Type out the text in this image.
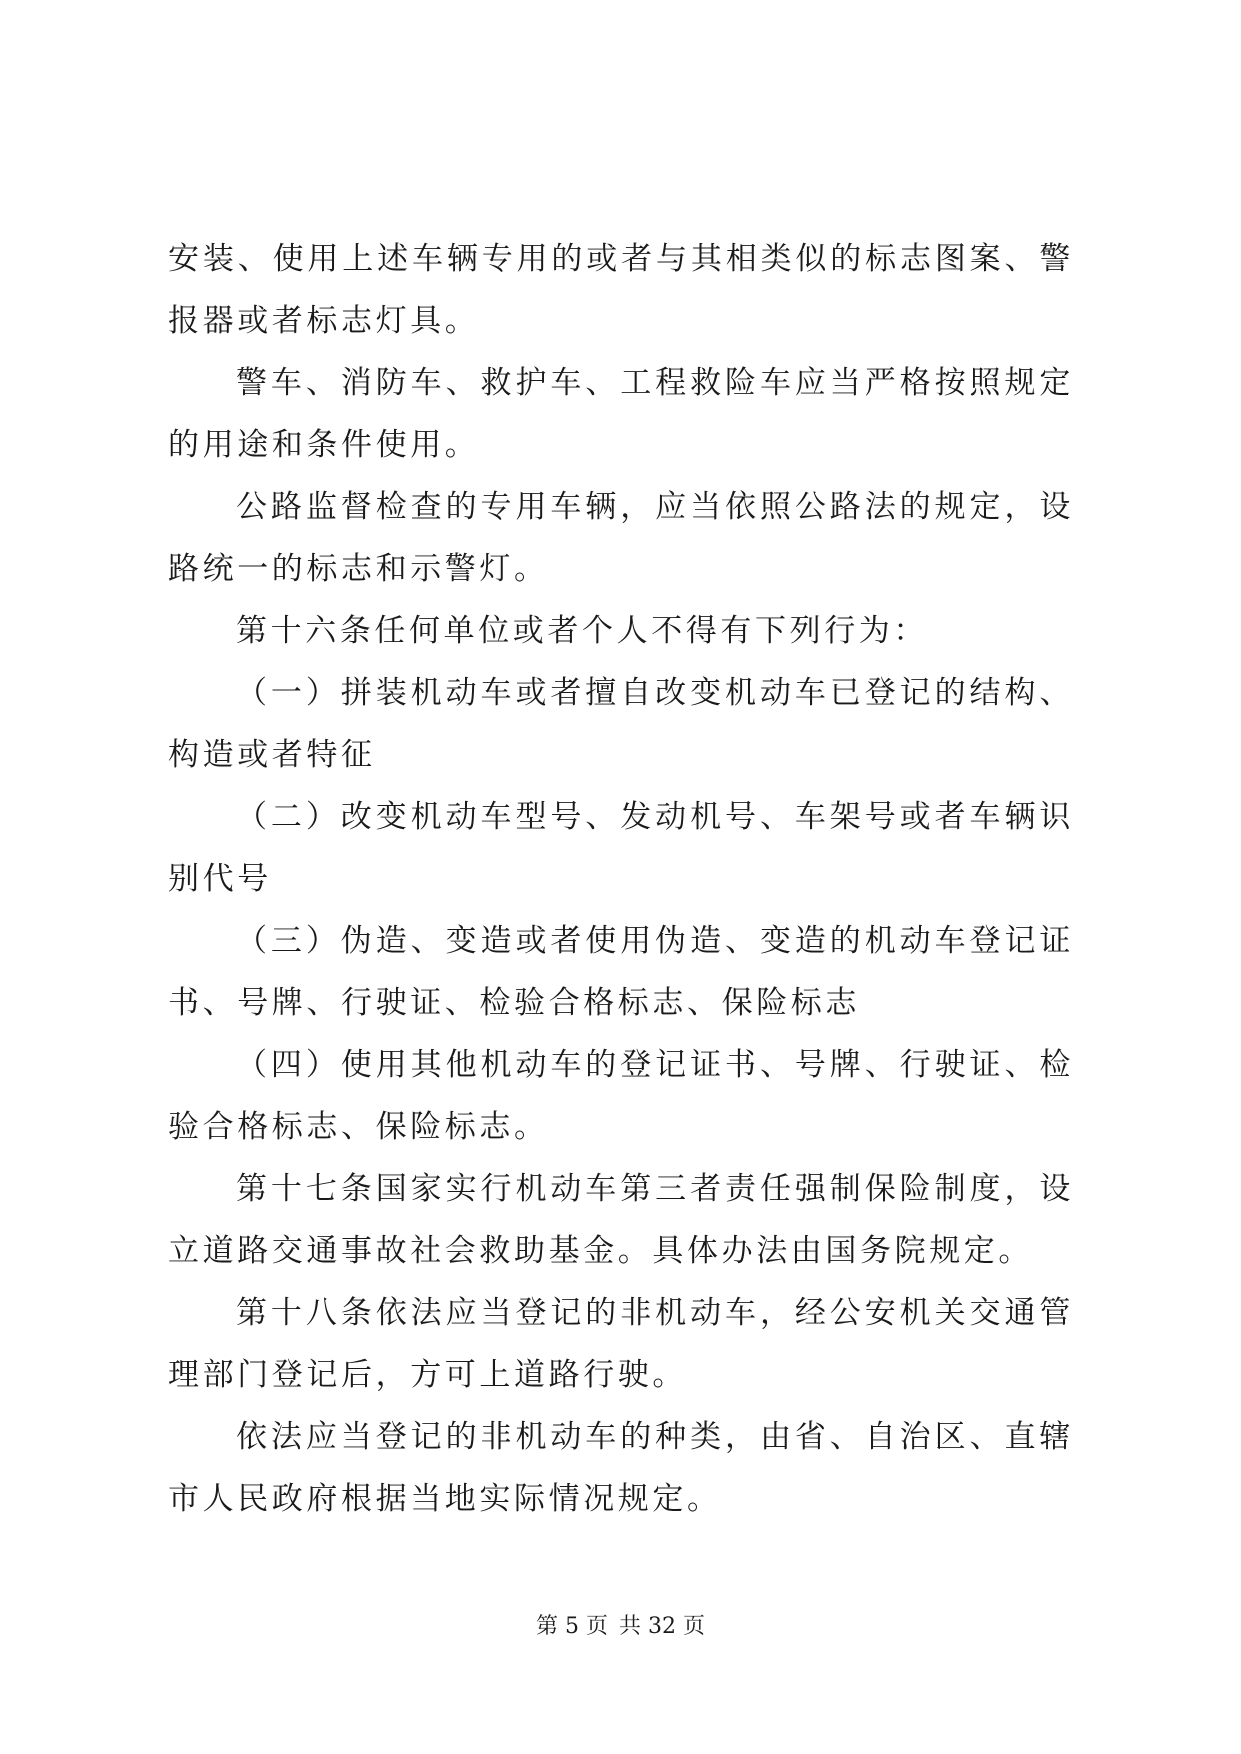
安装、使用上述车辆专用的或者与其相类似的标志图案、警报器或者标志灯具。

警车、消防车、救护车、工程救险车应当严格按照规定的用途和条件使用。

公路监督检查的专用车辆，应当依照公路法的规定，设路统一的标志和示警灯。

第十六条任何单位或者个人不得有下列行为：

（一）拼装机动车或者擅自改变机动车已登记的结构、构造或者特征

（二）改变机动车型号、发动机号、车架号或者车辆识别代号

（三）伪造、变造或者使用伪造、变造的机动车登记证书、号牌、行驶证、检验合格标志、保险标志

（四）使用其他机动车的登记证书、号牌、行驶证、检验合格标志、保险标志。

第十七条国家实行机动车第三者责任强制保险制度，设立道路交通事故社会救助基金。具体办法由国务院规定。

第十八条依法应当登记的非机动车，经公安机关交通管理部门登记后，方可上道路行驶。

依法应当登记的非机动车的种类，由省、自治区、直辖市人民政府根据当地实际情况规定。

第 5 页 共 32 页
